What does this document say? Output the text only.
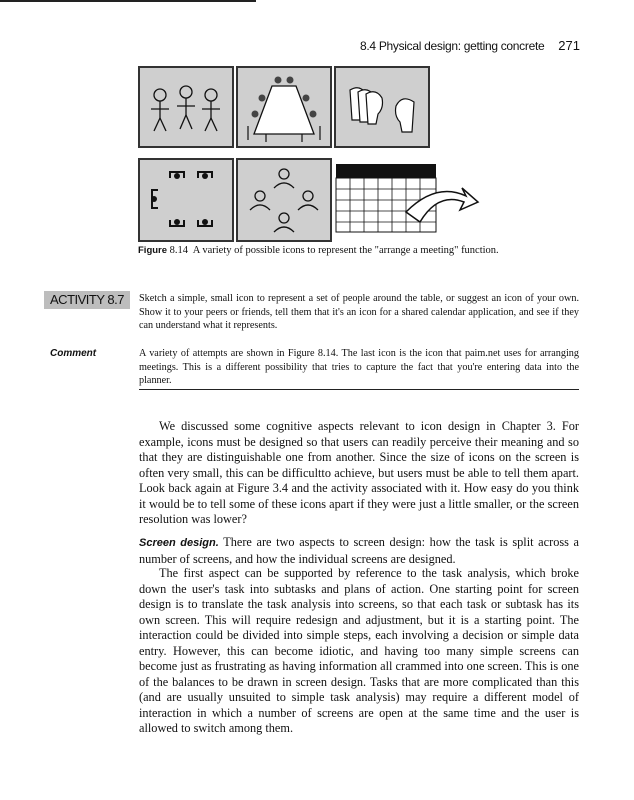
8.4 Physical design: getting concrete 271
Figure 8.14 A variety of possible icons to represent the "arrange a meeting" function.
ACTIVITY 8.7	Sketch a simple, small icon to represent a set of people around the table, or suggest an icon of your own. Show it to your peers or friends, tell them that it's an icon for a shared calendar application, and see if they can understand what it represents.

Comment	A variety of attempts are shown in Figure 8.14. The last icon is the icon that paim.net uses for arranging meetings. This is a different possibility that tries to capture the fact that you're entering data into the planner.

We discussed some cognitive aspects relevant to icon design in Chapter 3. For example, icons must be designed so that users can readily perceive their meaning and so that they are distinguishable one from another. Since the size of icons on the screen is often very small, this can be difficultto achieve, but users must be able to tell them apart. Look back again at Figure 3.4 and the activity associated with it. How easy do you think it would be to tell some of these icons apart if they were just a little smaller, or the screen resolution was lower?

Screen design. There are two aspects to screen design: how the task is split across a number of screens, and how the individual screens are designed.

The first aspect can be supported by reference to the task analysis, which broke down the user's task into subtasks and plans of action. One starting point for screen design is to translate the task analysis into screens, so that each task or subtask has its own screen. This will require redesign and adjustment, but it is a starting point. The interaction could be divided into simple steps, each involving a decision or simple data entry. However, this can become idiotic, and having too many simple screens can become just as frustrating as having information all crammed into one screen. This is one of the balances to be drawn in screen design. Tasks that are more complicated than this (and are usually unsuited to simple task analysis) may require a different model of interaction in which a number of screens are open at the same time and the user is allowed to switch among them.
